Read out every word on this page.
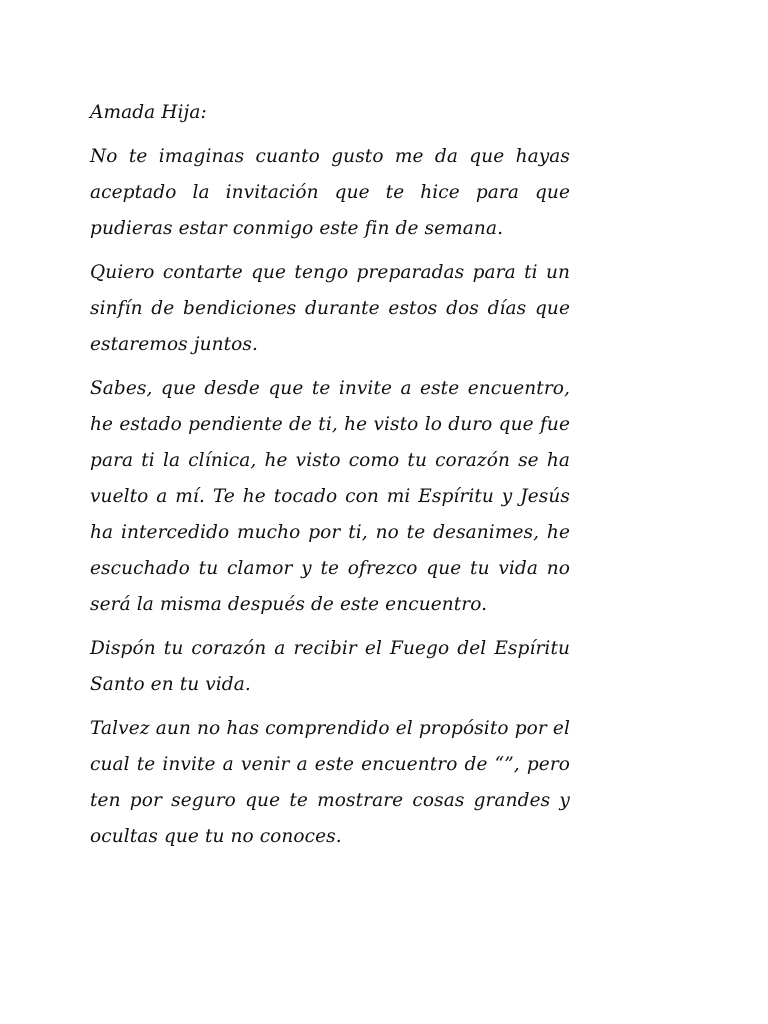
Amada Hija:

No te imaginas cuanto gusto me da que hayas aceptado la invitación que te hice para que pudieras estar conmigo este fin de semana.

Quiero contarte que tengo preparadas para ti un sinfín de bendiciones durante estos dos días que estaremos juntos.

Sabes, que desde que te invite a este encuentro, he estado pendiente de ti, he visto lo duro que fue para ti la clínica, he visto como tu corazón se ha vuelto a mí. Te he tocado con mi Espíritu y Jesús ha intercedido mucho por ti, no te desanimes, he escuchado tu clamor y te ofrezco que tu vida no será la misma después de este encuentro.

Dispón tu corazón a recibir el Fuego del Espíritu Santo en tu vida.

Talvez aun no has comprendido el propósito por el cual te invite a venir a este encuentro de “”, pero ten por seguro que te mostrare cosas grandes y ocultas que tu no conoces.
